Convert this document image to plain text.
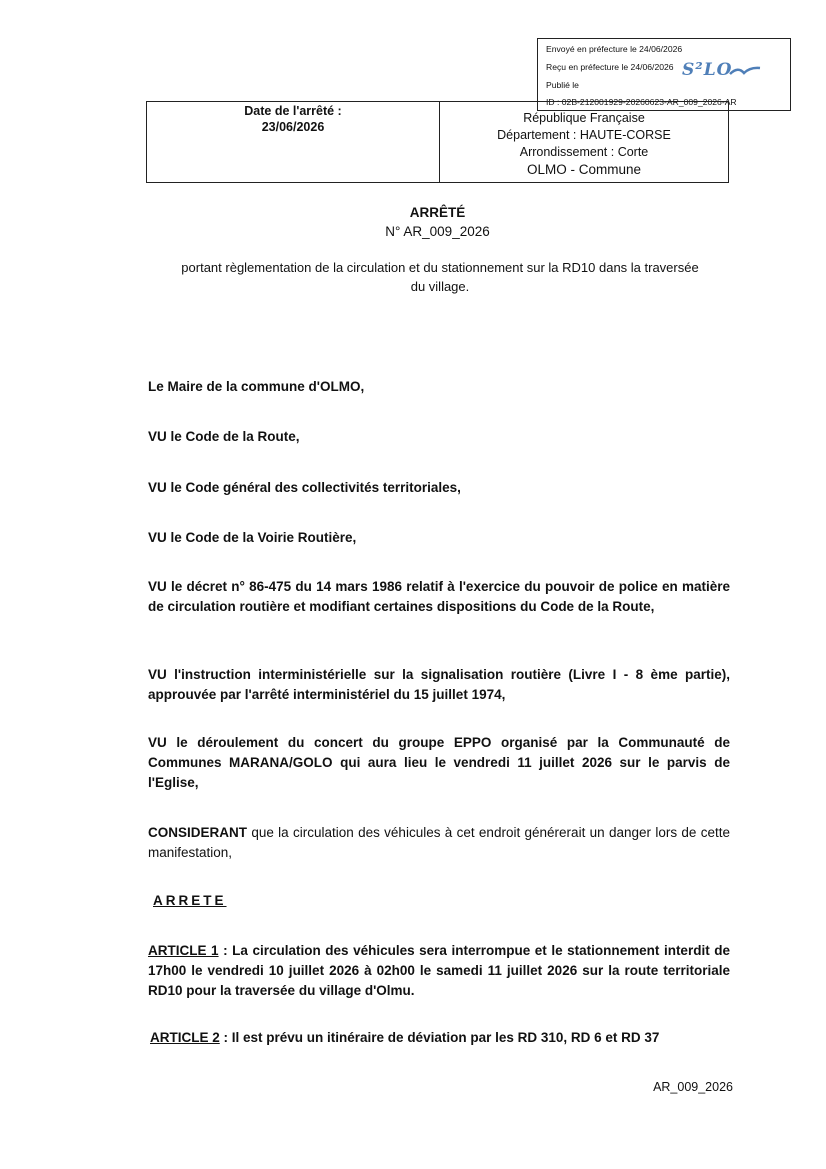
Envoyé en préfecture le 24/06/2026
Reçu en préfecture le 24/06/2026
Publié le
ID : 02B-212001929-20260623-AR_009_2026-AR
S²LO
Date de l'arrêté :
23/06/2026
République Française
Département : HAUTE-CORSE
Arrondissement : Corte
OLMO - Commune
ARRÊTÉ
N° AR_009_2026
portant règlementation de la circulation et du stationnement sur la RD10 dans la traversée
du village.
Le Maire de la commune d'OLMO,
VU le Code de la Route,
VU le Code général des collectivités territoriales,
VU le Code de la Voirie Routière,
VU le décret n° 86-475 du 14 mars 1986 relatif à l'exercice du pouvoir de police en matière de circulation routière et modifiant certaines dispositions du Code de la Route,
VU l'instruction interministérielle sur la signalisation routière (Livre I - 8 ème partie), approuvée par l'arrêté interministériel du 15 juillet 1974,
VU le déroulement du concert du groupe EPPO organisé par la Communauté de Communes MARANA/GOLO qui aura lieu le vendredi 11 juillet 2026 sur le parvis de l'Eglise,
CONSIDERANT que la circulation des véhicules à cet endroit générerait un danger lors de cette manifestation,
ARRETE
ARTICLE 1 : La circulation des véhicules sera interrompue et le stationnement interdit de 17h00 le vendredi 10 juillet 2026 à 02h00 le samedi 11 juillet 2026 sur la route territoriale RD10 pour la traversée du village d'Olmu.
ARTICLE 2 : Il est prévu un itinéraire de déviation par les RD 310, RD 6 et RD 37
AR_009_2026
